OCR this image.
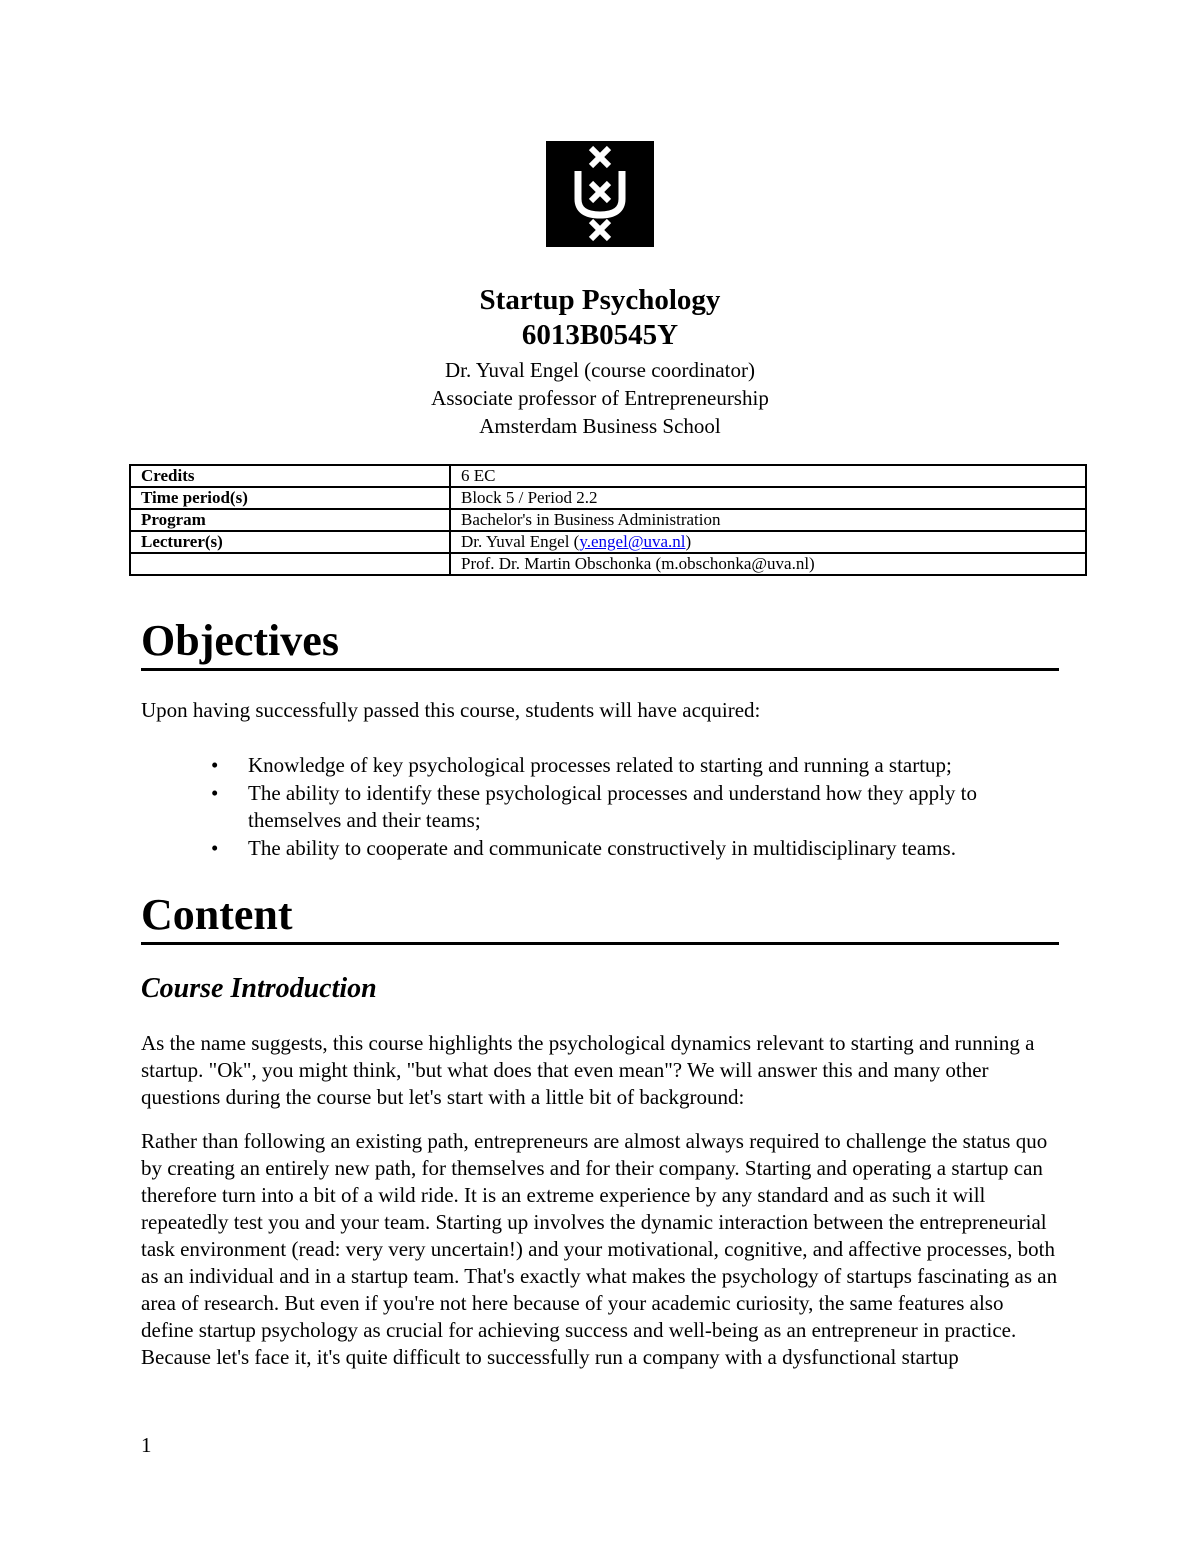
Startup Psychology
6013B0545Y
Dr. Yuval Engel (course coordinator)
Associate professor of Entrepreneurship
Amsterdam Business School
Credits	6 EC
Time period(s)	Block 5 / Period 2.2
Program	Bachelor's in Business Administration
Lecturer(s)	Dr. Yuval Engel (y.engel@uva.nl)
	Prof. Dr. Martin Obschonka (m.obschonka@uva.nl)
Objectives
Upon having successfully passed this course, students will have acquired:
• Knowledge of key psychological processes related to starting and running a startup;
• The ability to identify these psychological processes and understand how they apply to themselves and their teams;
• The ability to cooperate and communicate constructively in multidisciplinary teams.
Content
Course Introduction
As the name suggests, this course highlights the psychological dynamics relevant to starting and running a startup. "Ok", you might think, "but what does that even mean"? We will answer this and many other questions during the course but let's start with a little bit of background:
Rather than following an existing path, entrepreneurs are almost always required to challenge the status quo by creating an entirely new path, for themselves and for their company. Starting and operating a startup can therefore turn into a bit of a wild ride. It is an extreme experience by any standard and as such it will repeatedly test you and your team. Starting up involves the dynamic interaction between the entrepreneurial task environment (read: very very uncertain!) and your motivational, cognitive, and affective processes, both as an individual and in a startup team. That's exactly what makes the psychology of startups fascinating as an area of research. But even if you're not here because of your academic curiosity, the same features also define startup psychology as crucial for achieving success and well-being as an entrepreneur in practice. Because let's face it, it's quite difficult to successfully run a company with a dysfunctional startup
1
